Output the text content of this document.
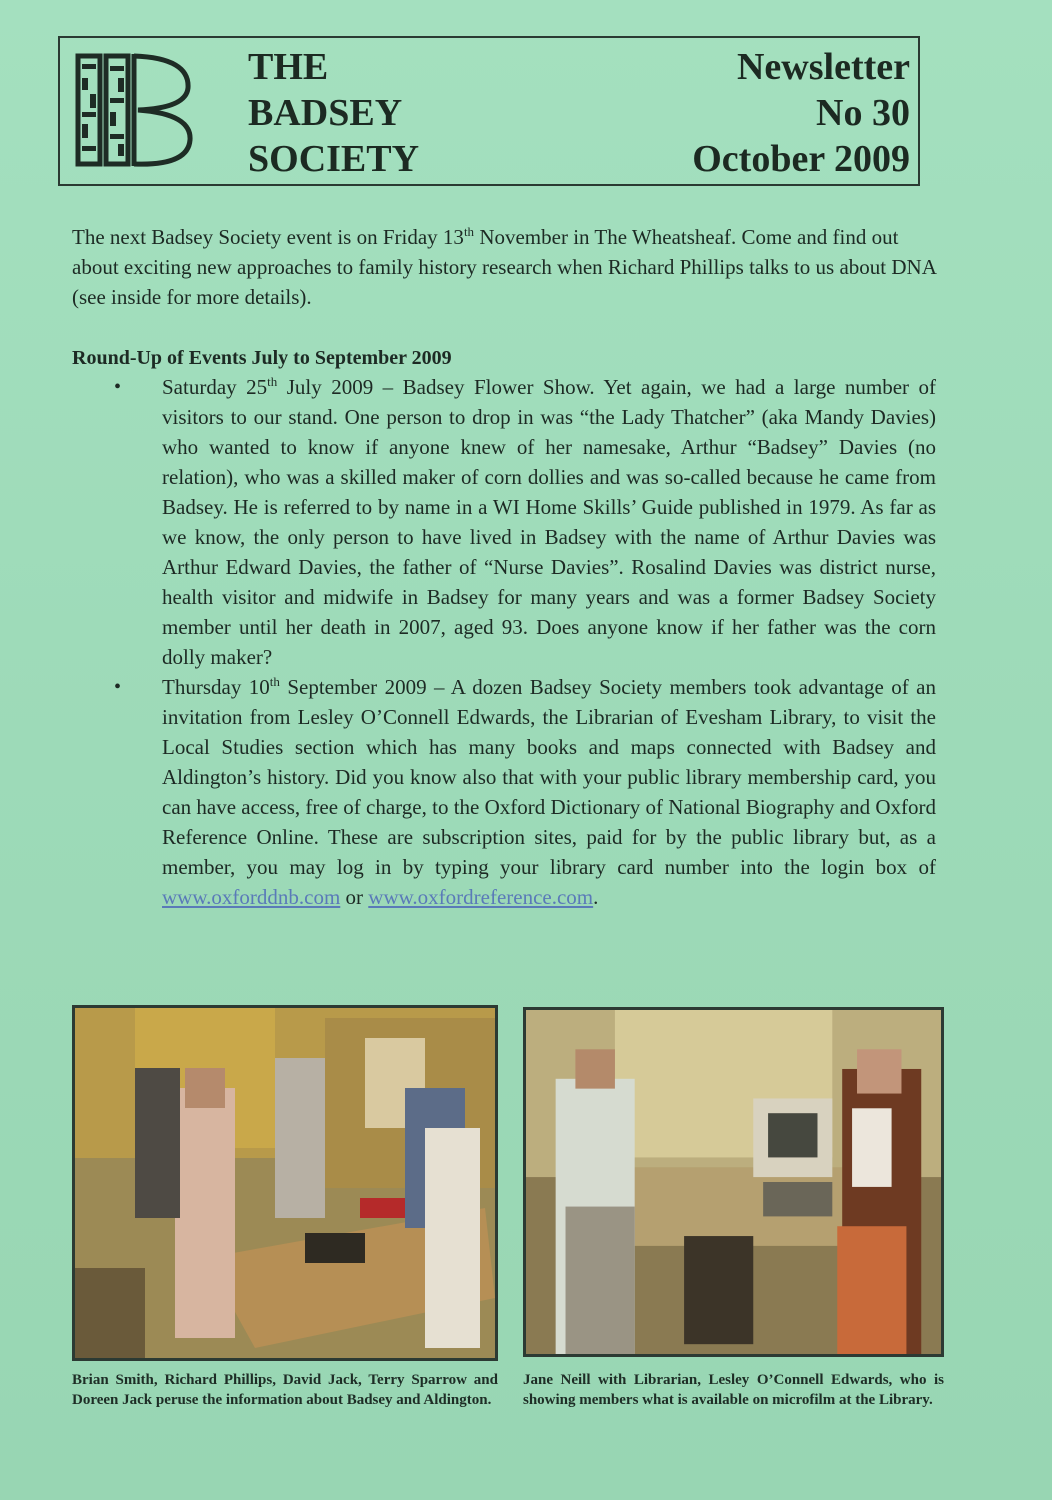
THE
BADSEY
SOCIETY
Newsletter
No 30
October 2009

The next Badsey Society event is on Friday 13th November in The Wheatsheaf. Come and find out about exciting new approaches to family history research when Richard Phillips talks to us about DNA (see inside for more details).

Round-Up of Events July to September 2009
• Saturday 25th July 2009 – Badsey Flower Show. Yet again, we had a large number of visitors to our stand. One person to drop in was “the Lady Thatcher” (aka Mandy Davies) who wanted to know if anyone knew of her namesake, Arthur “Badsey” Davies (no relation), who was a skilled maker of corn dollies and was so-called because he came from Badsey. He is referred to by name in a WI Home Skills’ Guide published in 1979. As far as we know, the only person to have lived in Badsey with the name of Arthur Davies was Arthur Edward Davies, the father of “Nurse Davies”. Rosalind Davies was district nurse, health visitor and midwife in Badsey for many years and was a former Badsey Society member until her death in 2007, aged 93. Does anyone know if her father was the corn dolly maker?
• Thursday 10th September 2009 – A dozen Badsey Society members took advantage of an invitation from Lesley O’Connell Edwards, the Librarian of Evesham Library, to visit the Local Studies section which has many books and maps connected with Badsey and Aldington’s history. Did you know also that with your public library membership card, you can have access, free of charge, to the Oxford Dictionary of National Biography and Oxford Reference Online. These are subscription sites, paid for by the public library but, as a member, you may log in by typing your library card number into the login box of www.oxforddnb.com or www.oxfordreference.com.
Brian Smith, Richard Phillips, David Jack, Terry Sparrow and Doreen Jack peruse the information about Badsey and Aldington.
Jane Neill with Librarian, Lesley O’Connell Edwards, who is showing members what is available on microfilm at the Library.
